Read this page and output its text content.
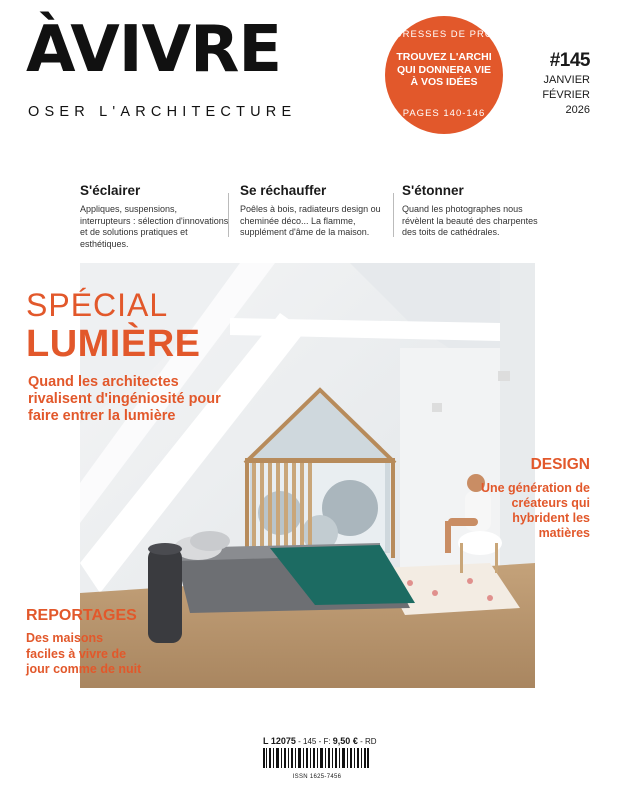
ÀVIVRE
OSER L'ARCHITECTURE
ADRESSES DE PROS
TROUVEZ L'ARCHI QUI DONNERA VIE À VOS IDÉES
PAGES 140-146
#145
JANVIER
FÉVRIER
2026
S'éclairer

Appliques, suspensions, interrupteurs : sélection d'innovations et de solutions pratiques et esthétiques.

Se réchauffer

Poêles à bois, radiateurs design ou cheminée déco... La flamme, supplément d'âme de la maison.

S'étonner

Quand les photographes nous révèlent la beauté des charpentes des toits de cathédrales.

SPÉCIAL
LUMIÈRE
Quand les architectes rivalisent d'ingéniosité pour faire entrer la lumière
DESIGN
Une génération de créateurs qui hybrident les matières
REPORTAGES
Des maisons faciles à vivre de jour comme de nuit
L 12075 - 145 - F: 9,50 € - RD
ISSN 1625-7456
